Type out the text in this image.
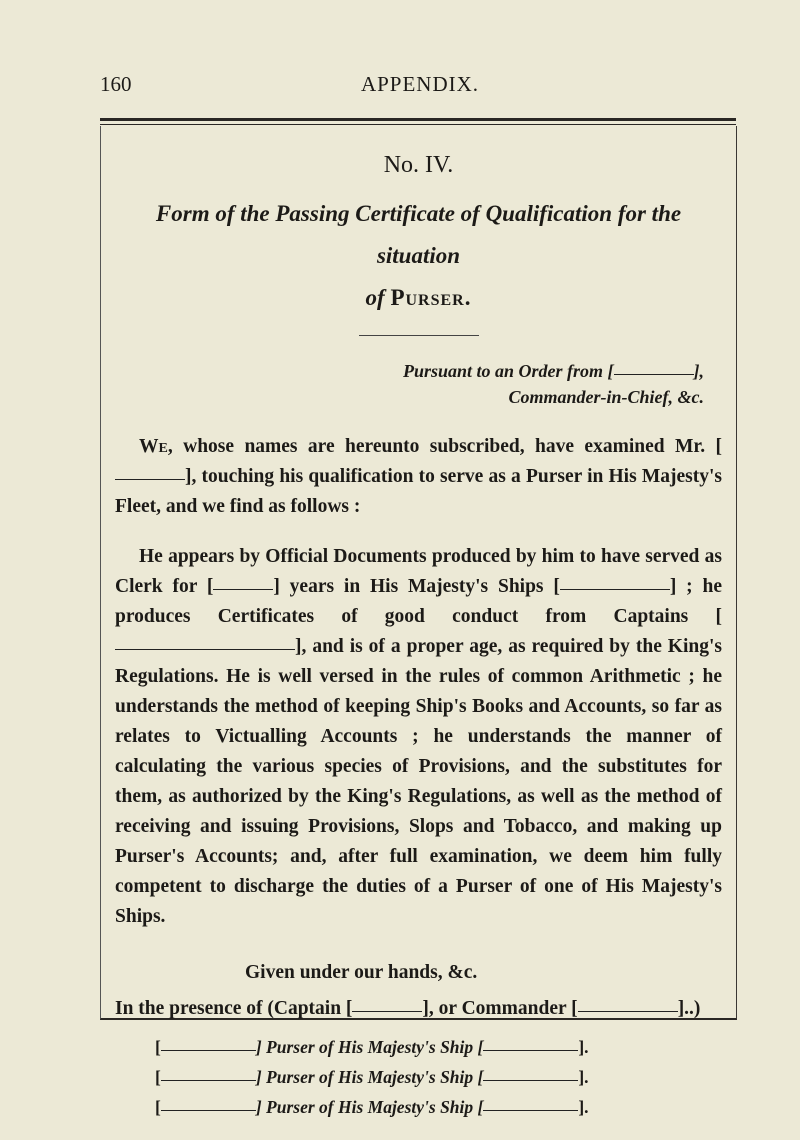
160	APPENDIX.
No. IV.
Form of the Passing Certificate of Qualification for the situation
of Purser.
Pursuant to an Order from [	],
Commander-in-Chief, &c.

We, whose names are hereunto subscribed, have examined Mr. [], touching his qualification to serve as a Purser in His Majesty's Fleet, and we find as follows :

He appears by Official Documents produced by him to have served as Clerk for [	] years in His Majesty's Ships [	] ; he produces Certificates of good conduct from Captains [], and is of a proper age, as required by the King's Regulations. He is well versed in the rules of common Arithmetic ; he understands the method of keeping Ship's Books and Accounts, so far as relates to Victualling Accounts ; he understands the manner of calculating the various species of Provisions, and the substitutes for them, as authorized by the King's Regulations, as well as the method of receiving and issuing Provisions, Slops and Tobacco, and making up Purser's Accounts; and, after full examination, we deem him fully competent to discharge the duties of a Purser of one of His Majesty's Ships.

Given under our hands, &c.

In the presence of (Captain [	], or Commander [	]..)

[	] Purser of His Majesty's Ship [	].
[	] Purser of His Majesty's Ship [	].
[	] Purser of His Majesty's Ship [	].
